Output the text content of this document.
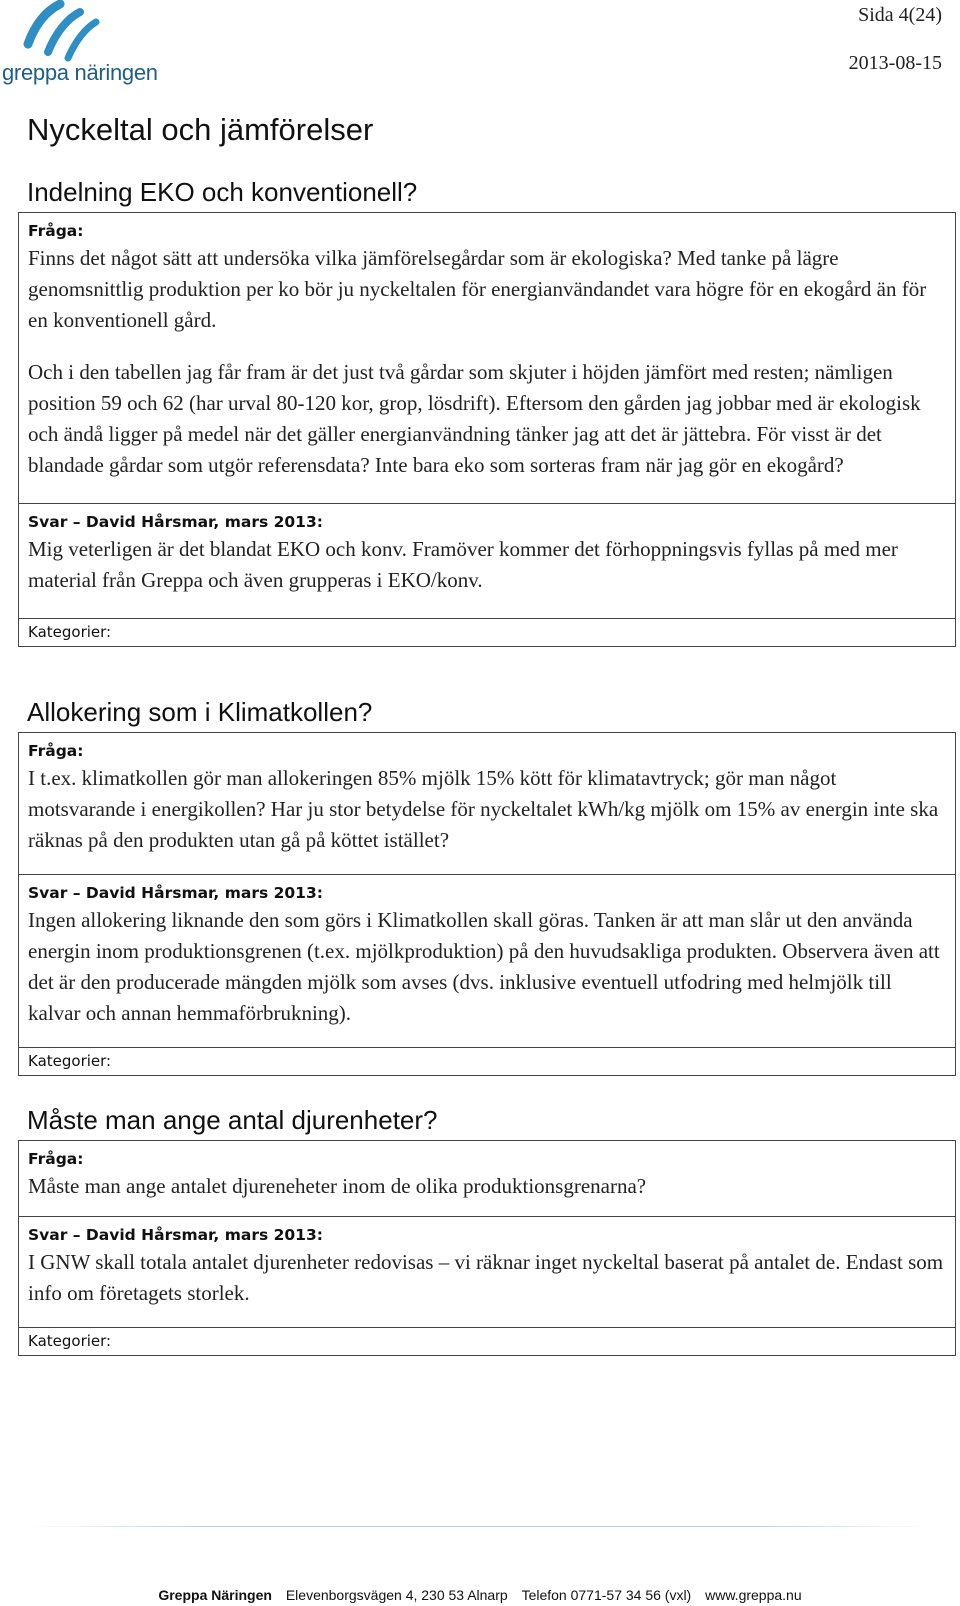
greppa näringen
Sida 4(24)
2013-08-15
Nyckeltal och jämförelser
Indelning EKO och konventionell?
Fråga:

Finns det något sätt att undersöka vilka jämförelsegårdar som är ekologiska? Med tanke på lägre genomsnittlig produktion per ko bör ju nyckeltalen för energianvändandet vara högre för en ekogård än för en konventionell gård.

Och i den tabellen jag får fram är det just två gårdar som skjuter i höjden jämfört med resten; nämligen position 59 och 62 (har urval 80-120 kor, grop, lösdrift). Eftersom den gården jag jobbar med är ekologisk och ändå ligger på medel när det gäller energianvändning tänker jag att det är jättebra. För visst är det blandade gårdar som utgör referensdata? Inte bara eko som sorteras fram när jag gör en ekogård?

Svar – David Hårsmar, mars 2013:

Mig veterligen är det blandat EKO och konv. Framöver kommer det förhoppningsvis fyllas på med mer material från Greppa och även grupperas i EKO/konv.

Kategorier:
Allokering som i Klimatkollen?
Fråga:

I t.ex. klimatkollen gör man allokeringen 85% mjölk 15% kött för klimatavtryck; gör man något motsvarande i energikollen? Har ju stor betydelse för nyckeltalet kWh/kg mjölk om 15% av energin inte ska räknas på den produkten utan gå på köttet istället?

Svar – David Hårsmar, mars 2013:

Ingen allokering liknande den som görs i Klimatkollen skall göras. Tanken är att man slår ut den använda energin inom produktionsgrenen (t.ex. mjölkproduktion) på den huvudsakliga produkten. Observera även att det är den producerade mängden mjölk som avses (dvs. inklusive eventuell utfodring med helmjölk till kalvar och annan hemmaförbrukning).

Kategorier:
Måste man ange antal djurenheter?
Fråga:

Måste man ange antalet djureneheter inom de olika produktionsgrenarna?

Svar – David Hårsmar, mars 2013:

I GNW skall totala antalet djurenheter redovisas – vi räknar inget nyckeltal baserat på antalet de. Endast som info om företagets storlek.

Kategorier:
Greppa Näringen Elevenborgsvägen 4, 230 53 Alnarp Telefon 0771-57 34 56 (vxl) www.greppa.nu
